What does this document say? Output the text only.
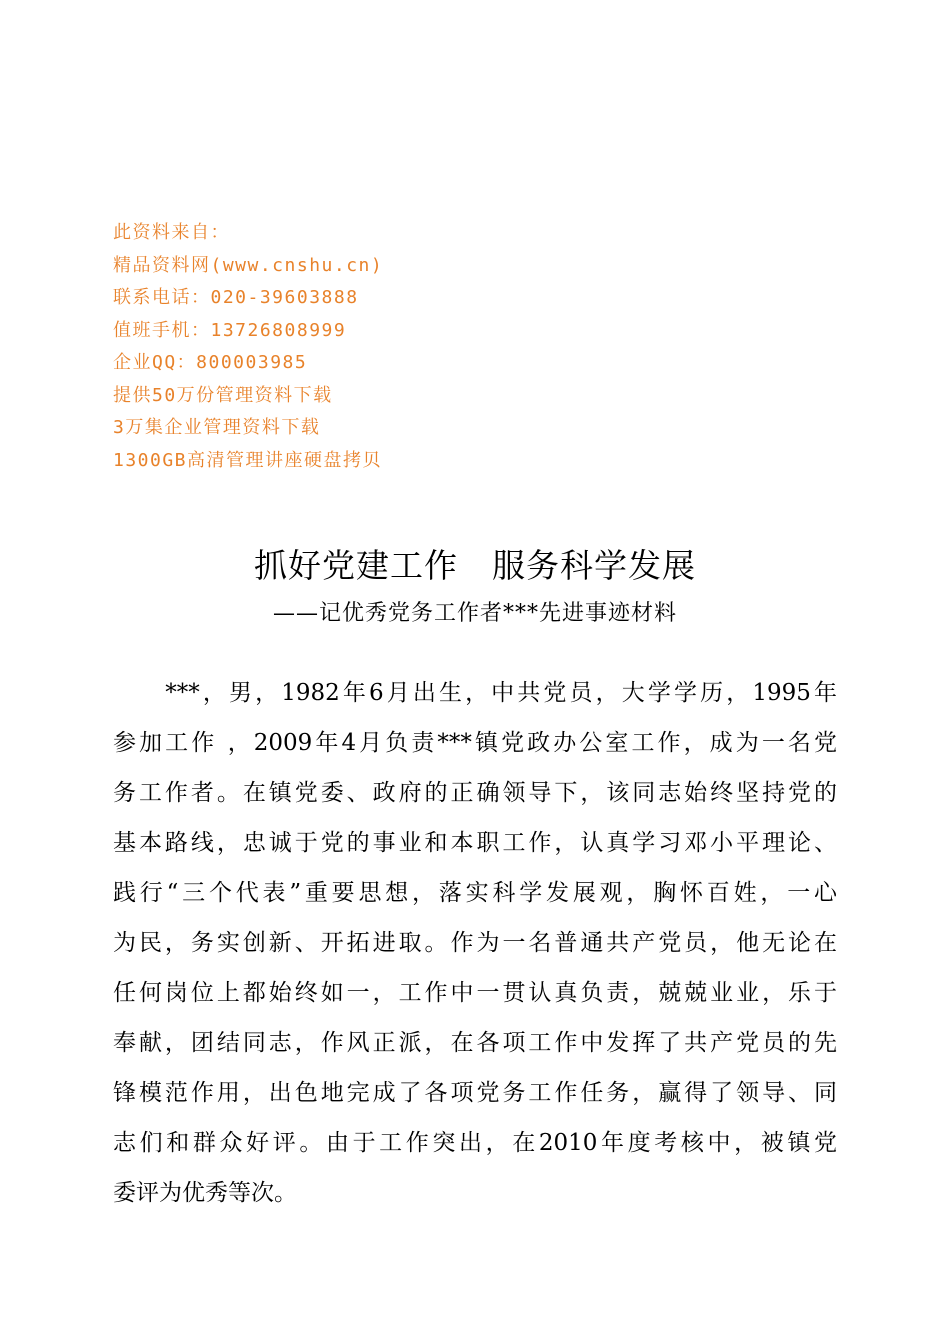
此资料来自：
精品资料网(www.cnshu.cn)
联系电话：020-39603888
值班手机：13726808999
企业QQ：800003985
提供50万份管理资料下载
3万集企业管理资料下载
1300GB高清管理讲座硬盘拷贝
抓好党建工作　服务科学发展
——记优秀党务工作者***先进事迹材料
　　***，男，1982年6月出生，中共党员，大学学历，1995年
参加工作 ，2009年4月负责***镇党政办公室工作，成为一名党
务工作者。在镇党委、政府的正确领导下，该同志始终坚持党的
基本路线，忠诚于党的事业和本职工作，认真学习邓小平理论、
践行“三个代表”重要思想，落实科学发展观，胸怀百姓，一心
为民，务实创新、开拓进取。作为一名普通共产党员，他无论在
任何岗位上都始终如一，工作中一贯认真负责，兢兢业业，乐于
奉献，团结同志，作风正派，在各项工作中发挥了共产党员的先
锋模范作用，出色地完成了各项党务工作任务，赢得了领导、同
志们和群众好评。由于工作突出，在2010年度考核中，被镇党
委评为优秀等次。
